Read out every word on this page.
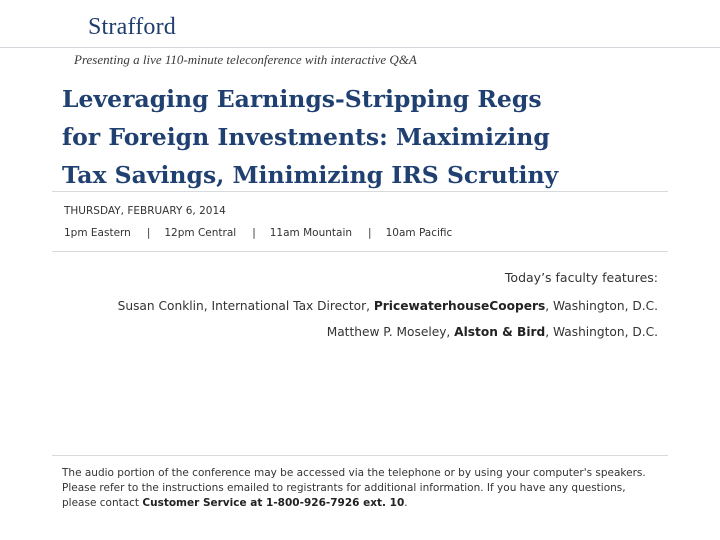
Strafford
Presenting a live 110-minute teleconference with interactive Q&A
Leveraging Earnings-Stripping Regs
for Foreign Investments: Maximizing
Tax Savings, Minimizing IRS Scrutiny
THURSDAY, FEBRUARY 6, 2014
1pm Eastern | 12pm Central | 11am Mountain | 10am Pacific
Today’s faculty features:
Susan Conklin, International Tax Director, PricewaterhouseCoopers, Washington, D.C.
Matthew P. Moseley, Alston & Bird, Washington, D.C.
The audio portion of the conference may be accessed via the telephone or by using your computer's speakers. Please refer to the instructions emailed to registrants for additional information. If you have any questions, please contact Customer Service at 1-800-926-7926 ext. 10.
